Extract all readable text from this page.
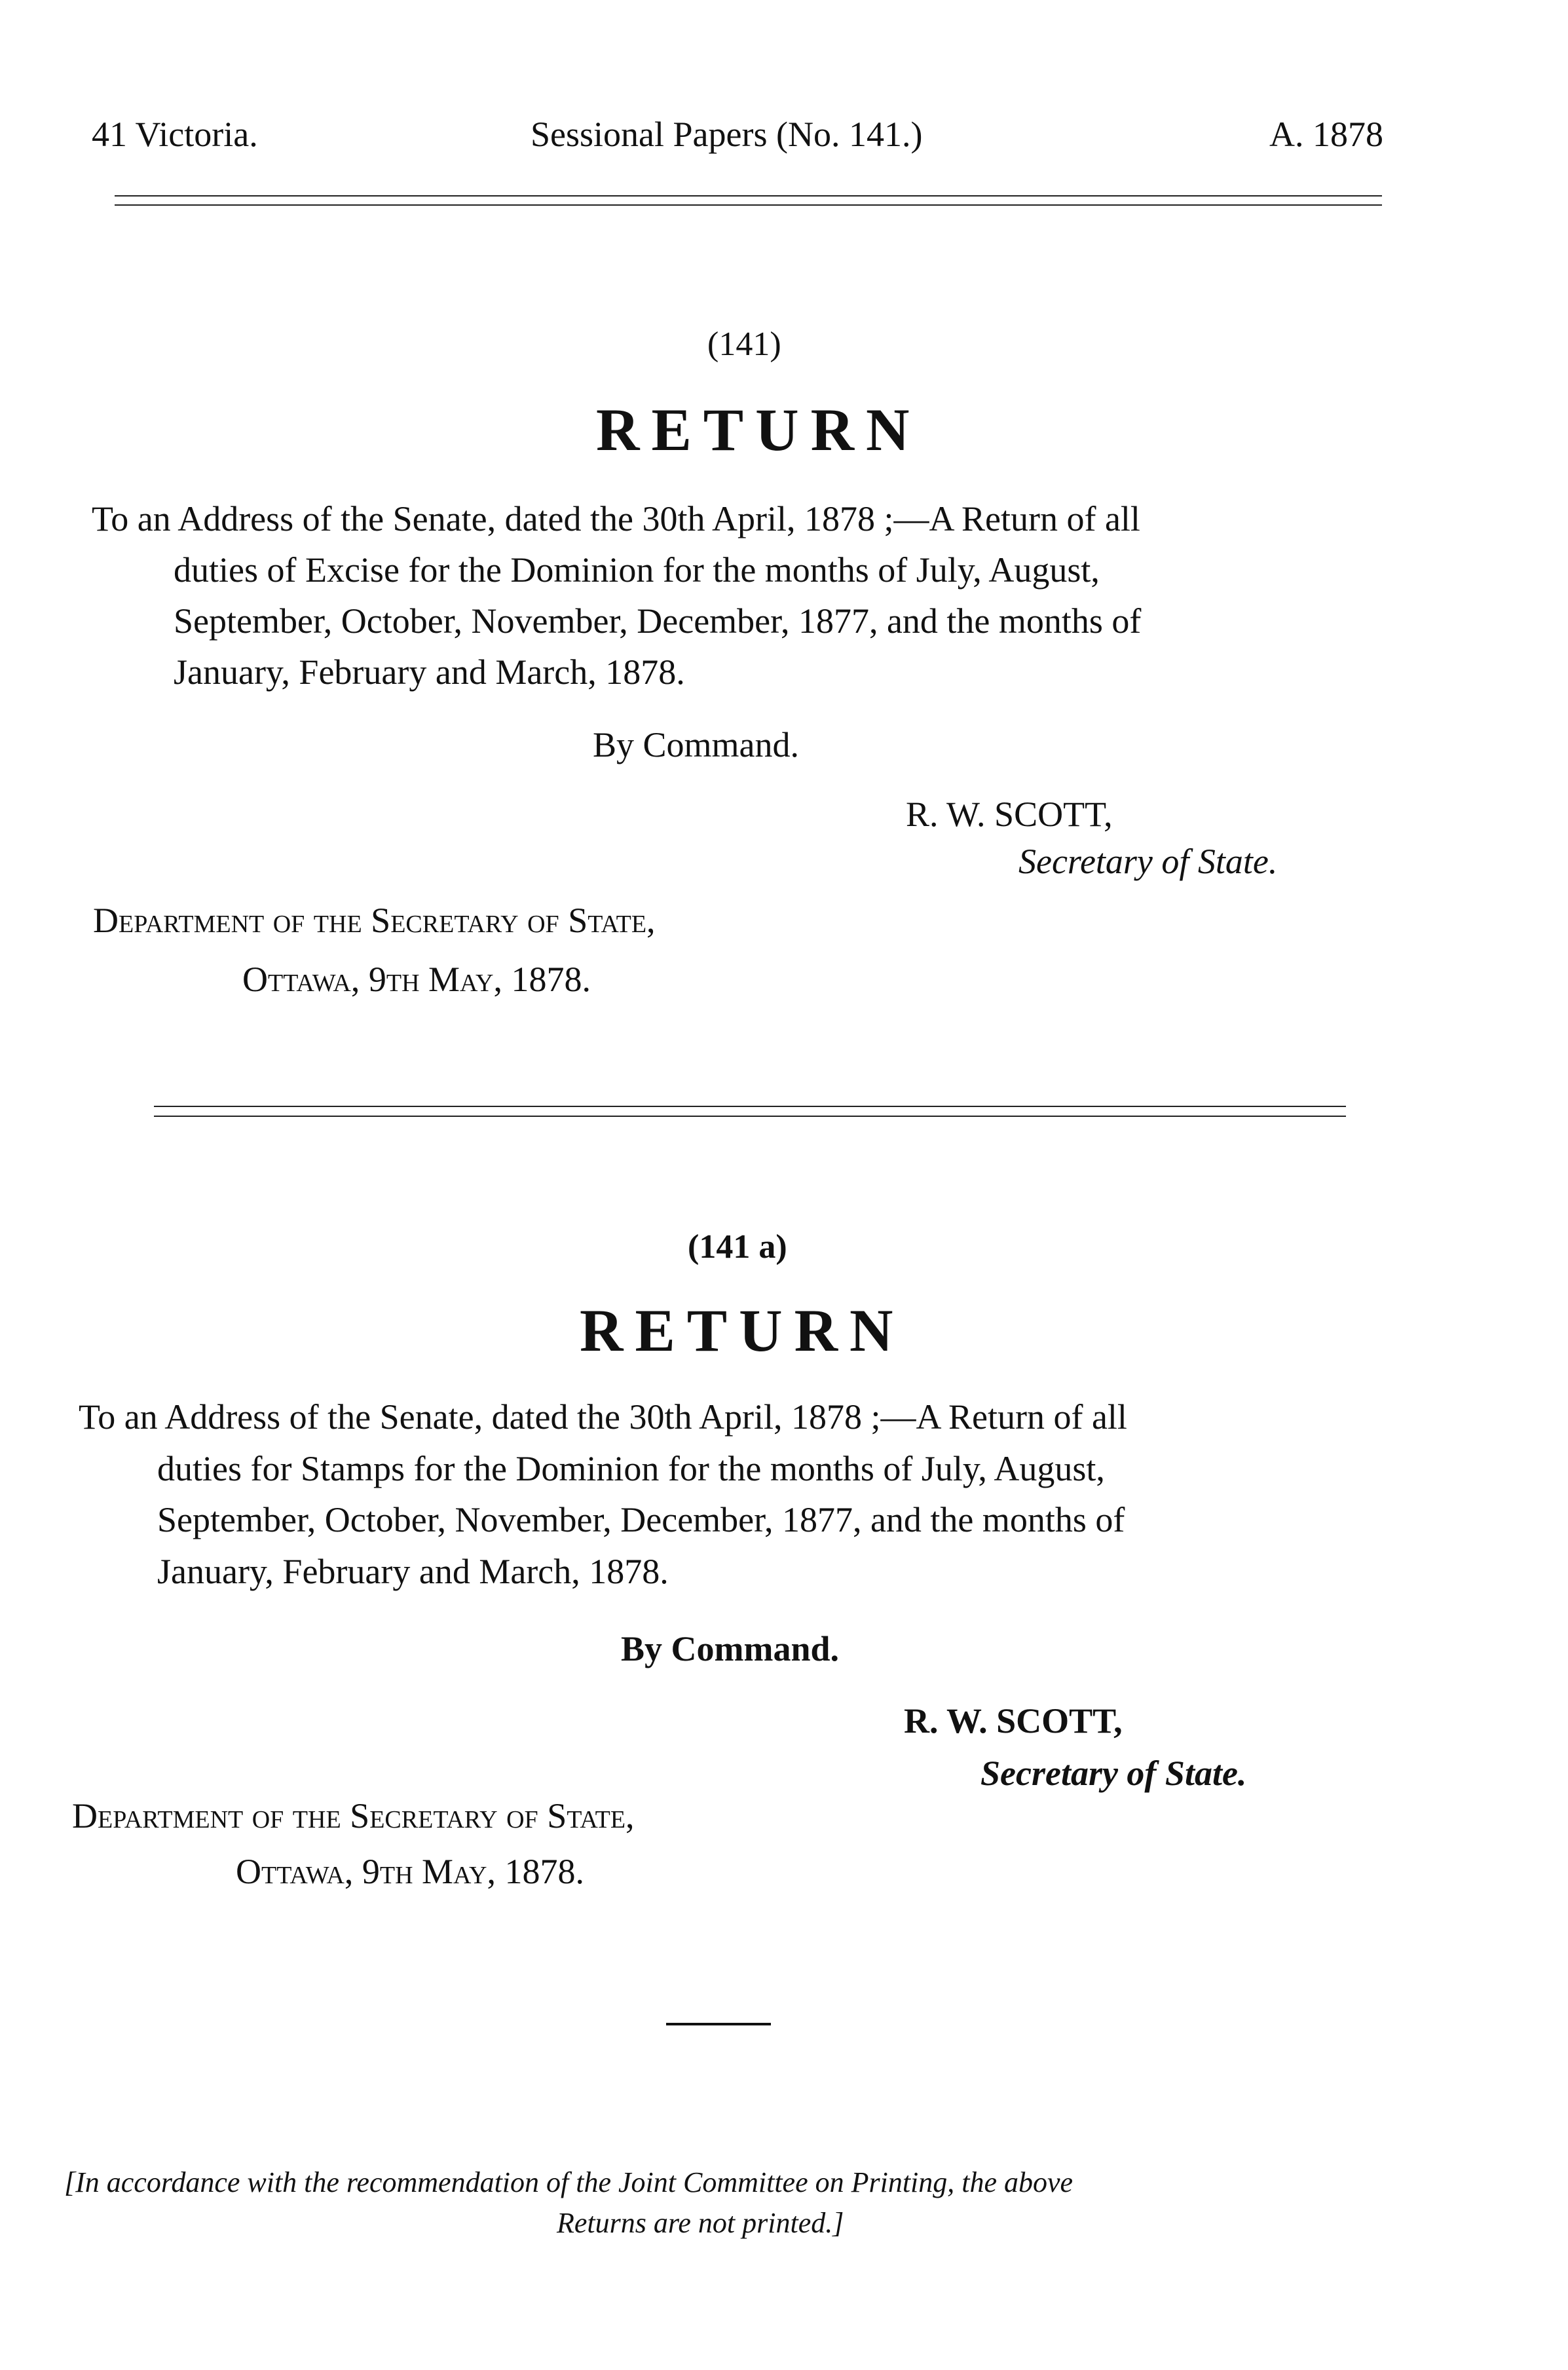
41 Victoria.	Sessional Papers (No. 141.)	A. 1878
(141)
RETURN
To an Address of the Senate, dated the 30th April, 1878 ;—A Return of all
duties of Excise for the Dominion for the months of July, August,
September, October, November, December, 1877, and the months of
January, February and March, 1878.
By Command.
R. W. SCOTT,
Secretary of State.
Department of the Secretary of State,
Ottawa, 9th May, 1878.
(141 a)
RETURN
To an Address of the Senate, dated the 30th April, 1878 ;—A Return of all
duties for Stamps for the Dominion for the months of July, August,
September, October, November, December, 1877, and the months of
January, February and March, 1878.
By Command.
R. W. SCOTT,
Secretary of State.
Department of the Secretary of State,
Ottawa, 9th May, 1878.
[In accordance with the recommendation of the Joint Committee on Printing, the above
Returns are not printed.]
